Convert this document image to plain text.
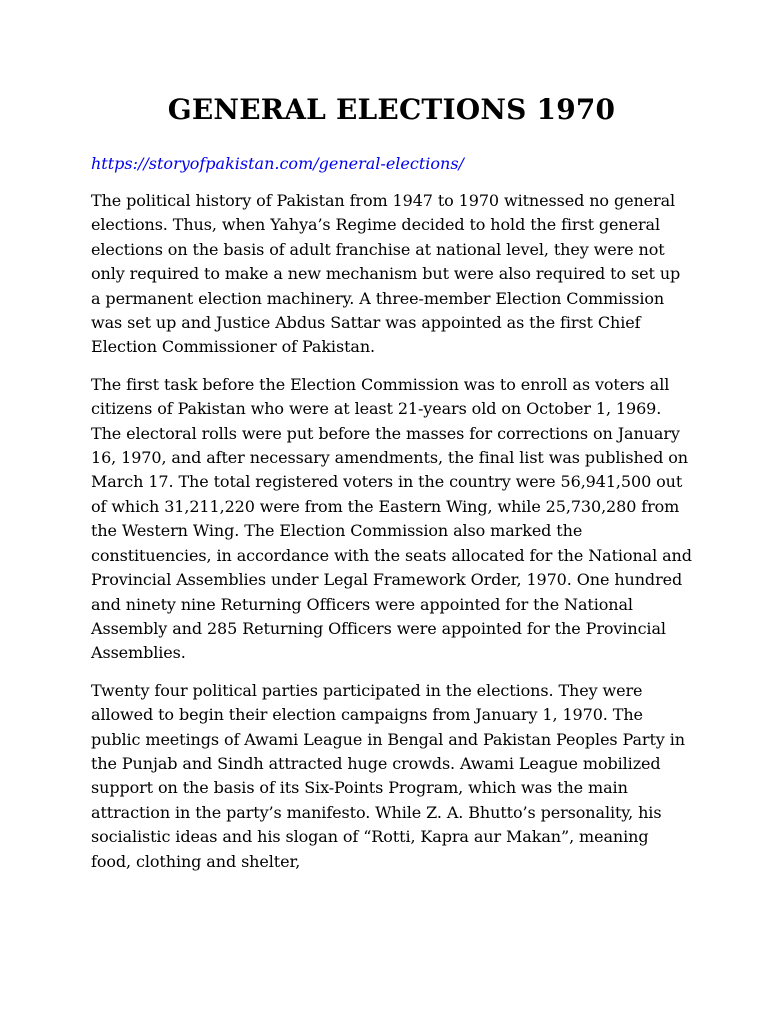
GENERAL ELECTIONS 1970
https://storyofpakistan.com/general-elections/

The political history of Pakistan from 1947 to 1970 witnessed no general elections. Thus, when Yahya’s Regime decided to hold the first general elections on the basis of adult franchise at national level, they were not only required to make a new mechanism but were also required to set up a permanent election machinery. A three-member Election Commission was set up and Justice Abdus Sattar was appointed as the first Chief Election Commissioner of Pakistan.

The first task before the Election Commission was to enroll as voters all citizens of Pakistan who were at least 21-years old on October 1, 1969. The electoral rolls were put before the masses for corrections on January 16, 1970, and after necessary amendments, the final list was published on March 17. The total registered voters in the country were 56,941,500 out of which 31,211,220 were from the Eastern Wing, while 25,730,280 from the Western Wing. The Election Commission also marked the constituencies, in accordance with the seats allocated for the National and Provincial Assemblies under Legal Framework Order, 1970. One hundred and ninety nine Returning Officers were appointed for the National Assembly and 285 Returning Officers were appointed for the Provincial Assemblies.

Twenty four political parties participated in the elections. They were allowed to begin their election campaigns from January 1, 1970. The public meetings of Awami League in Bengal and Pakistan Peoples Party in the Punjab and Sindh attracted huge crowds. Awami League mobilized support on the basis of its Six-Points Program, which was the main attraction in the party’s manifesto. While Z. A. Bhutto’s personality, his socialistic ideas and his slogan of “Rotti, Kapra aur Makan”, meaning food, clothing and shelter,
